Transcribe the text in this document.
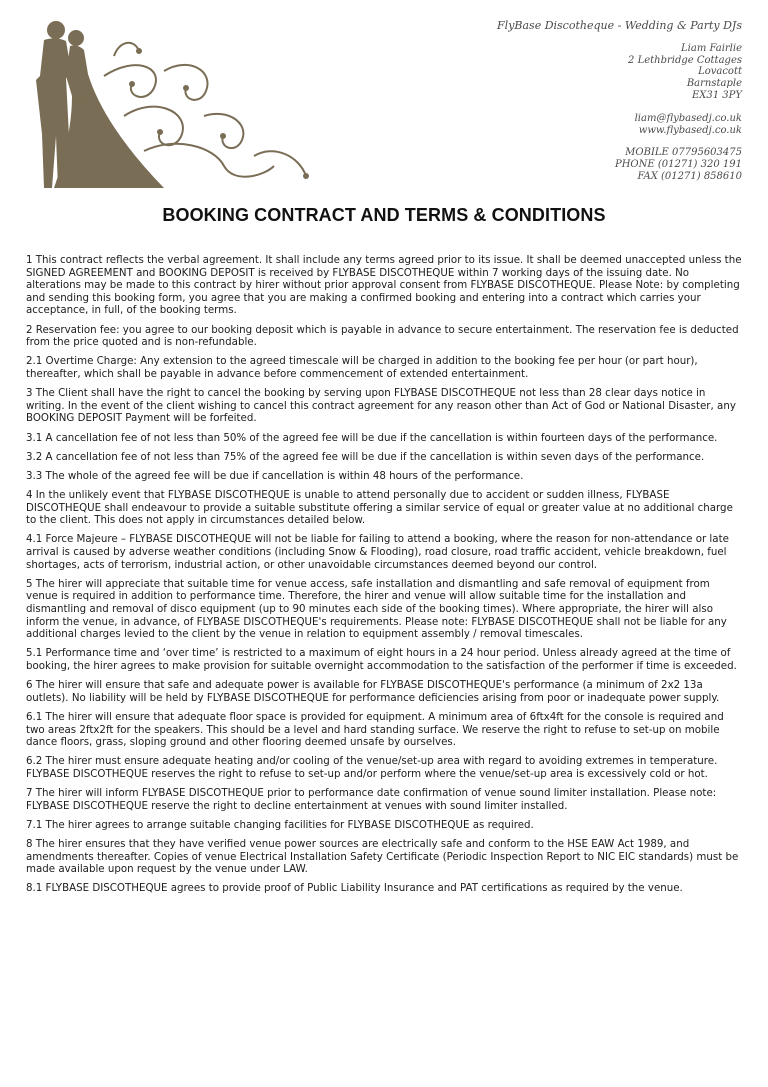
FlyBase Discotheque - Wedding & Party DJs
Liam Fairlie
2 Lethbridge Cottages
Lovacott
Barnstaple
EX31 3PY
liam@flybasedj.co.uk
www.flybasedj.co.uk
MOBILE 07795603475
PHONE (01271) 320 191
FAX (01271) 858610
BOOKING CONTRACT AND TERMS & CONDITIONS

1 This contract reflects the verbal agreement. It shall include any terms agreed prior to its issue. It shall be deemed unaccepted unless the SIGNED AGREEMENT and BOOKING DEPOSIT is received by FLYBASE DISCOTHEQUE within 7 working days of the issuing date. No alterations may be made to this contract by hirer without prior approval consent from FLYBASE DISCOTHEQUE. Please Note: by completing and sending this booking form, you agree that you are making a confirmed booking and entering into a contract which carries your acceptance, in full, of the booking terms.

2 Reservation fee: you agree to our booking deposit which is payable in advance to secure entertainment. The reservation fee is deducted from the price quoted and is non-refundable.

2.1 Overtime Charge: Any extension to the agreed timescale will be charged in addition to the booking fee per hour (or part hour), thereafter, which shall be payable in advance before commencement of extended entertainment.

3 The Client shall have the right to cancel the booking by serving upon FLYBASE DISCOTHEQUE not less than 28 clear days notice in writing. In the event of the client wishing to cancel this contract agreement for any reason other than Act of God or National Disaster, any BOOKING DEPOSIT Payment will be forfeited.

3.1 A cancellation fee of not less than 50% of the agreed fee will be due if the cancellation is within fourteen days of the performance.

3.2 A cancellation fee of not less than 75% of the agreed fee will be due if the cancellation is within seven days of the performance.

3.3 The whole of the agreed fee will be due if cancellation is within 48 hours of the performance.

4 In the unlikely event that FLYBASE DISCOTHEQUE is unable to attend personally due to accident or sudden illness, FLYBASE DISCOTHEQUE shall endeavour to provide a suitable substitute offering a similar service of equal or greater value at no additional charge to the client. This does not apply in circumstances detailed below.

4.1 Force Majeure – FLYBASE DISCOTHEQUE will not be liable for failing to attend a booking, where the reason for non-attendance or late arrival is caused by adverse weather conditions (including Snow & Flooding), road closure, road traffic accident, vehicle breakdown, fuel shortages, acts of terrorism, industrial action, or other unavoidable circumstances deemed beyond our control.

5 The hirer will appreciate that suitable time for venue access, safe installation and dismantling and safe removal of equipment from venue is required in addition to performance time. Therefore, the hirer and venue will allow suitable time for the installation and dismantling and removal of disco equipment (up to 90 minutes each side of the booking times). Where appropriate, the hirer will also inform the venue, in advance, of FLYBASE DISCOTHEQUE's requirements. Please note: FLYBASE DISCOTHEQUE shall not be liable for any additional charges levied to the client by the venue in relation to equipment assembly / removal timescales.

5.1 Performance time and ‘over time’ is restricted to a maximum of eight hours in a 24 hour period. Unless already agreed at the time of booking, the hirer agrees to make provision for suitable overnight accommodation to the satisfaction of the performer if time is exceeded.

6 The hirer will ensure that safe and adequate power is available for FLYBASE DISCOTHEQUE's performance (a minimum of 2x2 13a outlets). No liability will be held by FLYBASE DISCOTHEQUE for performance deficiencies arising from poor or inadequate power supply.

6.1 The hirer will ensure that adequate floor space is provided for equipment. A minimum area of 6ftx4ft for the console is required and two areas 2ftx2ft for the speakers. This should be a level and hard standing surface. We reserve the right to refuse to set-up on mobile dance floors, grass, sloping ground and other flooring deemed unsafe by ourselves.

6.2 The hirer must ensure adequate heating and/or cooling of the venue/set-up area with regard to avoiding extremes in temperature. FLYBASE DISCOTHEQUE reserves the right to refuse to set-up and/or perform where the venue/set-up area is excessively cold or hot.

7 The hirer will inform FLYBASE DISCOTHEQUE prior to performance date confirmation of venue sound limiter installation. Please note: FLYBASE DISCOTHEQUE reserve the right to decline entertainment at venues with sound limiter installed.

7.1 The hirer agrees to arrange suitable changing facilities for FLYBASE DISCOTHEQUE as required.

8 The hirer ensures that they have verified venue power sources are electrically safe and conform to the HSE EAW Act 1989, and amendments thereafter. Copies of venue Electrical Installation Safety Certificate (Periodic Inspection Report to NIC EIC standards) must be made available upon request by the venue under LAW.

8.1 FLYBASE DISCOTHEQUE agrees to provide proof of Public Liability Insurance and PAT certifications as required by the venue.
